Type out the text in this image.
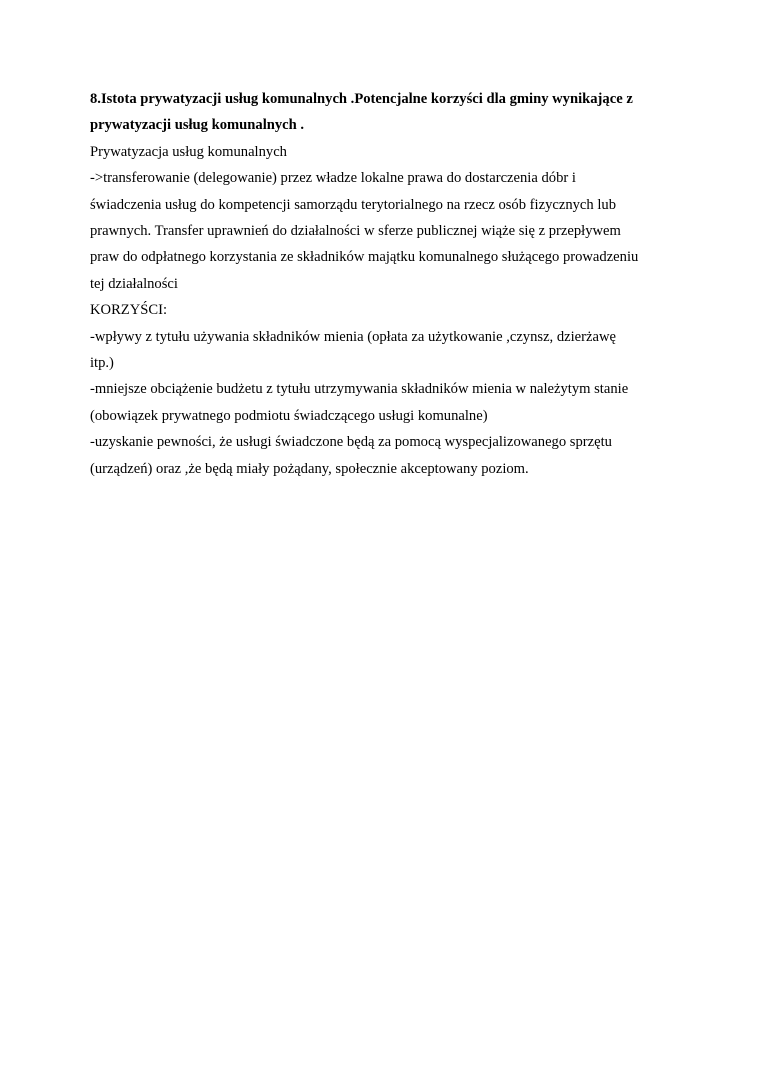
8.Istota prywatyzacji usług komunalnych .Potencjalne korzyści dla gminy wynikające z

prywatyzacji usług komunalnych .

Prywatyzacja usług komunalnych

->transferowanie (delegowanie) przez władze lokalne prawa do dostarczenia dóbr i

świadczenia usług do kompetencji samorządu terytorialnego na rzecz osób fizycznych lub

prawnych. Transfer uprawnień do działalności w sferze publicznej wiąże się z przepływem

praw do odpłatnego korzystania ze składników majątku komunalnego służącego prowadzeniu

tej działalności

KORZYŚCI:

-wpływy z tytułu używania składników mienia (opłata za użytkowanie ,czynsz, dzierżawę

itp.)

-mniejsze obciążenie budżetu z tytułu utrzymywania składników mienia w należytym stanie

(obowiązek prywatnego podmiotu świadczącego usługi komunalne)

-uzyskanie pewności, że usługi świadczone będą za pomocą wyspecjalizowanego sprzętu

(urządzeń) oraz ,że będą miały pożądany, społecznie akceptowany poziom.
